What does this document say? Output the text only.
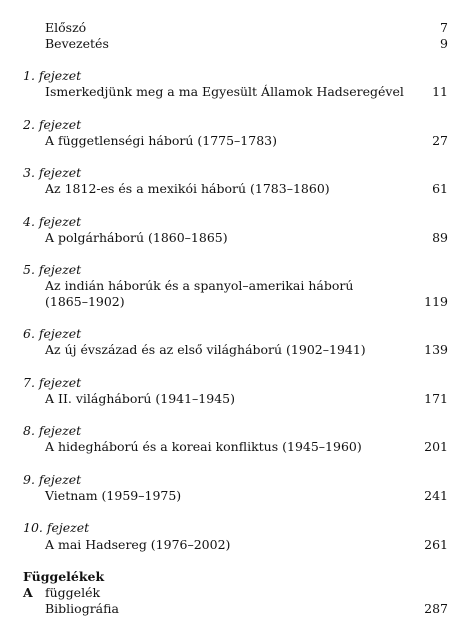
Előszó	7
Bevezetés	9
1. fejezet
Ismerkedjünk meg a ma Egyesült Államok Hadseregével 11
2. fejezet
A függetlenségi háború (1775–1783)	27
3. fejezet
Az 1812-es és a mexikói háború (1783–1860)	61
4. fejezet
A polgárháború (1860–1865)	89
5. fejezet
Az indián háborúk és a spanyol–amerikai háború
(1865–1902)	119
6. fejezet
Az új évszázad és az első világháború (1902–1941)	139
7. fejezet
A II. világháború (1941–1945)	171
8. fejezet
A hidegháború és a koreai konfliktus (1945–1960)	201
9. fejezet
Vietnam (1959–1975)	241
10. fejezet
A mai Hadsereg (1976–2002)	261
Függelékek
A függelék
Bibliográfia	287
